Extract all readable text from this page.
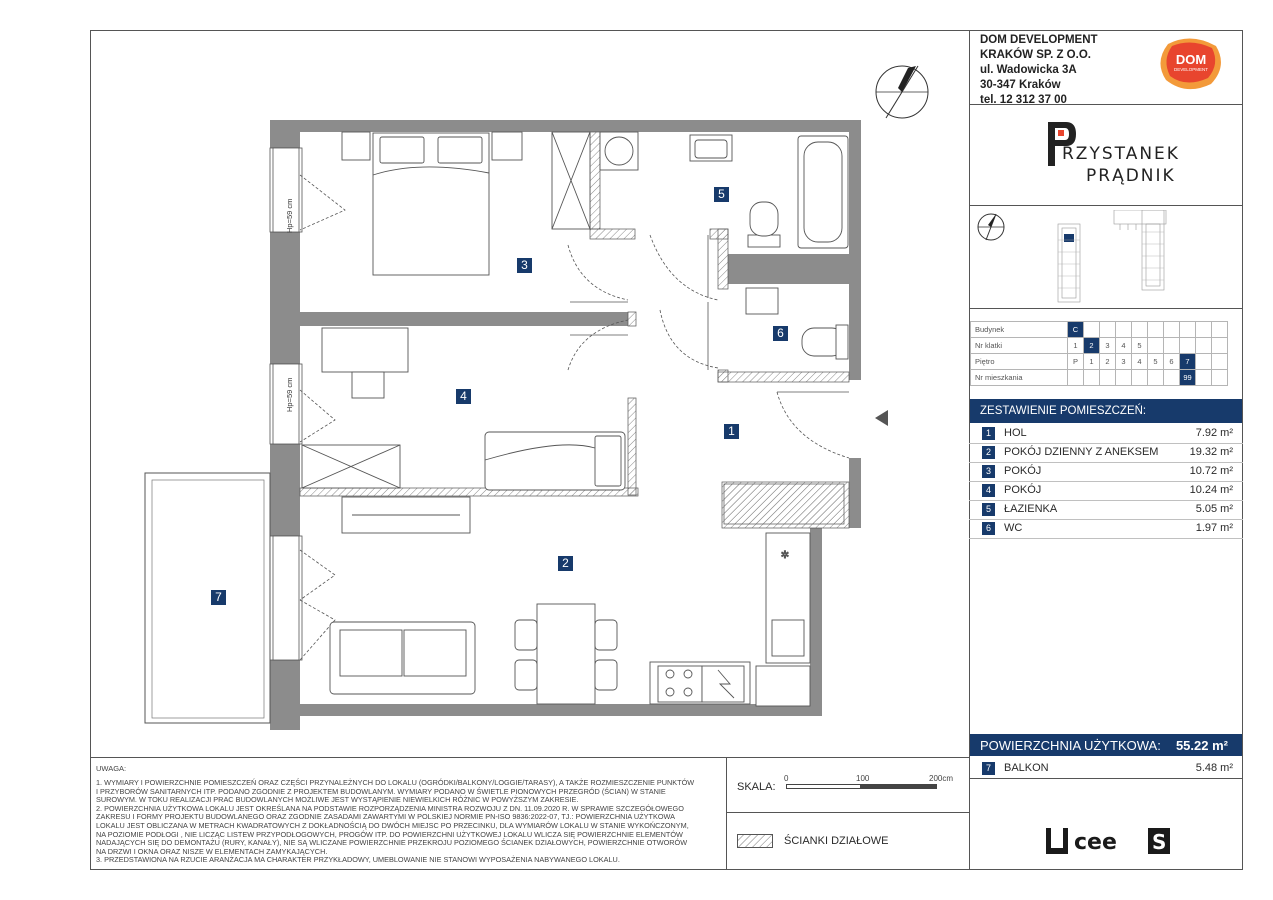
DOM DEVELOPMENT
KRAKÓW SP. Z O.O.
ul. Wadowicka 3A
30-347 Kraków
tel. 12 312 37 00
DOM
DEVELOPMENT
RZYSTANEK
PRĄDNIK
Budynek	C									
Nr klatki	1	2	3	4	5					
Piętro	P	1	2	3	4	5	6	7		
Nr mieszkania								99		
ZESTAWIENIE POMIESZCZEŃ:
1	HOL	7.92 m²
2	POKÓJ DZIENNY Z ANEKSEM	19.32 m²
3	POKÓJ	10.72 m²
4	POKÓJ	10.24 m²
5	ŁAZIENKA	5.05 m²
6	WC	1.97 m²
POWIERZCHNIA UŻYTKOWA: 55.22 m²
7	BALKON	5.48 m²
cee S
UWAGA:
1. WYMIARY I POWIERZCHNIE POMIESZCZEŃ ORAZ CZĘŚCI PRZYNALEŻNYCH DO LOKALU (OGRÓDKI/BALKONY/LOGGIE/TARASY), A TAKŻE ROZMIESZCZENIE PUNKTÓW
I PRZYBORÓW SANITARNYCH ITP. PODANO ZGODNIE Z PROJEKTEM BUDOWLANYM. WYMIARY PODANO W ŚWIETLE PIONOWYCH PRZEGRÓD (ŚCIAN) W STANIE
SUROWYM. W TOKU REALIZACJI PRAC BUDOWLANYCH MOŻLIWE JEST WYSTĄPIENIE NIEWIELKICH RÓŻNIC W POWYŻSZYM ZAKRESIE.
2. POWIERZCHNIA UŻYTKOWA LOKALU JEST OKREŚLANA NA PODSTAWIE ROZPORZĄDZENIA MINISTRA ROZWOJU Z DN. 11.09.2020 R. W SPRAWIE SZCZEGÓŁOWEGO
ZAKRESU I FORMY PROJEKTU BUDOWLANEGO ORAZ ZGODNIE ZASADAMI ZAWARTYMI W POLSKIEJ NORMIE PN-ISO 9836:2022-07, TJ.: POWIERZCHNIA UŻYTKOWA
LOKALU JEST OBLICZANA W METRACH KWADRATOWYCH Z DOKŁADNOŚCIĄ DO DWÓCH MIEJSC PO PRZECINKU, DLA WYMIARÓW LOKALU W STANIE WYKOŃCZONYM,
NA POZIOMIE PODŁOGI , NIE LICZĄC LISTEW PRZYPODŁOGOWYCH, PROGÓW ITP. DO POWIERZCHNI UŻYTKOWEJ LOKALU WLICZA SIĘ POWIERZCHNIE ELEMENTÓW
NADAJĄCYCH SIĘ DO DEMONTAŻU (RURY, KANAŁY), NIE SĄ WLICZANE POWIERZCHNIE PRZEKROJU POZIOMEGO ŚCIANEK DZIAŁOWYCH, POWIERZCHNIE OTWORÓW
NA DRZWI I OKNA ORAZ NISZE W ELEMENTACH ZAMYKAJĄCYCH.
3. PRZEDSTAWIONA NA RZUCIE ARANŻACJA MA CHARAKTER PRZYKŁADOWY, UMEBLOWANIE NIE STANOWI WYPOSAŻENIA NABYWANEGO LOKALU.
SKALA:
0	100	200cm
ŚCIANKI DZIAŁOWE
✲
1
2
3
4
5
6
7
Hp=59 cm
Hp=59 cm
